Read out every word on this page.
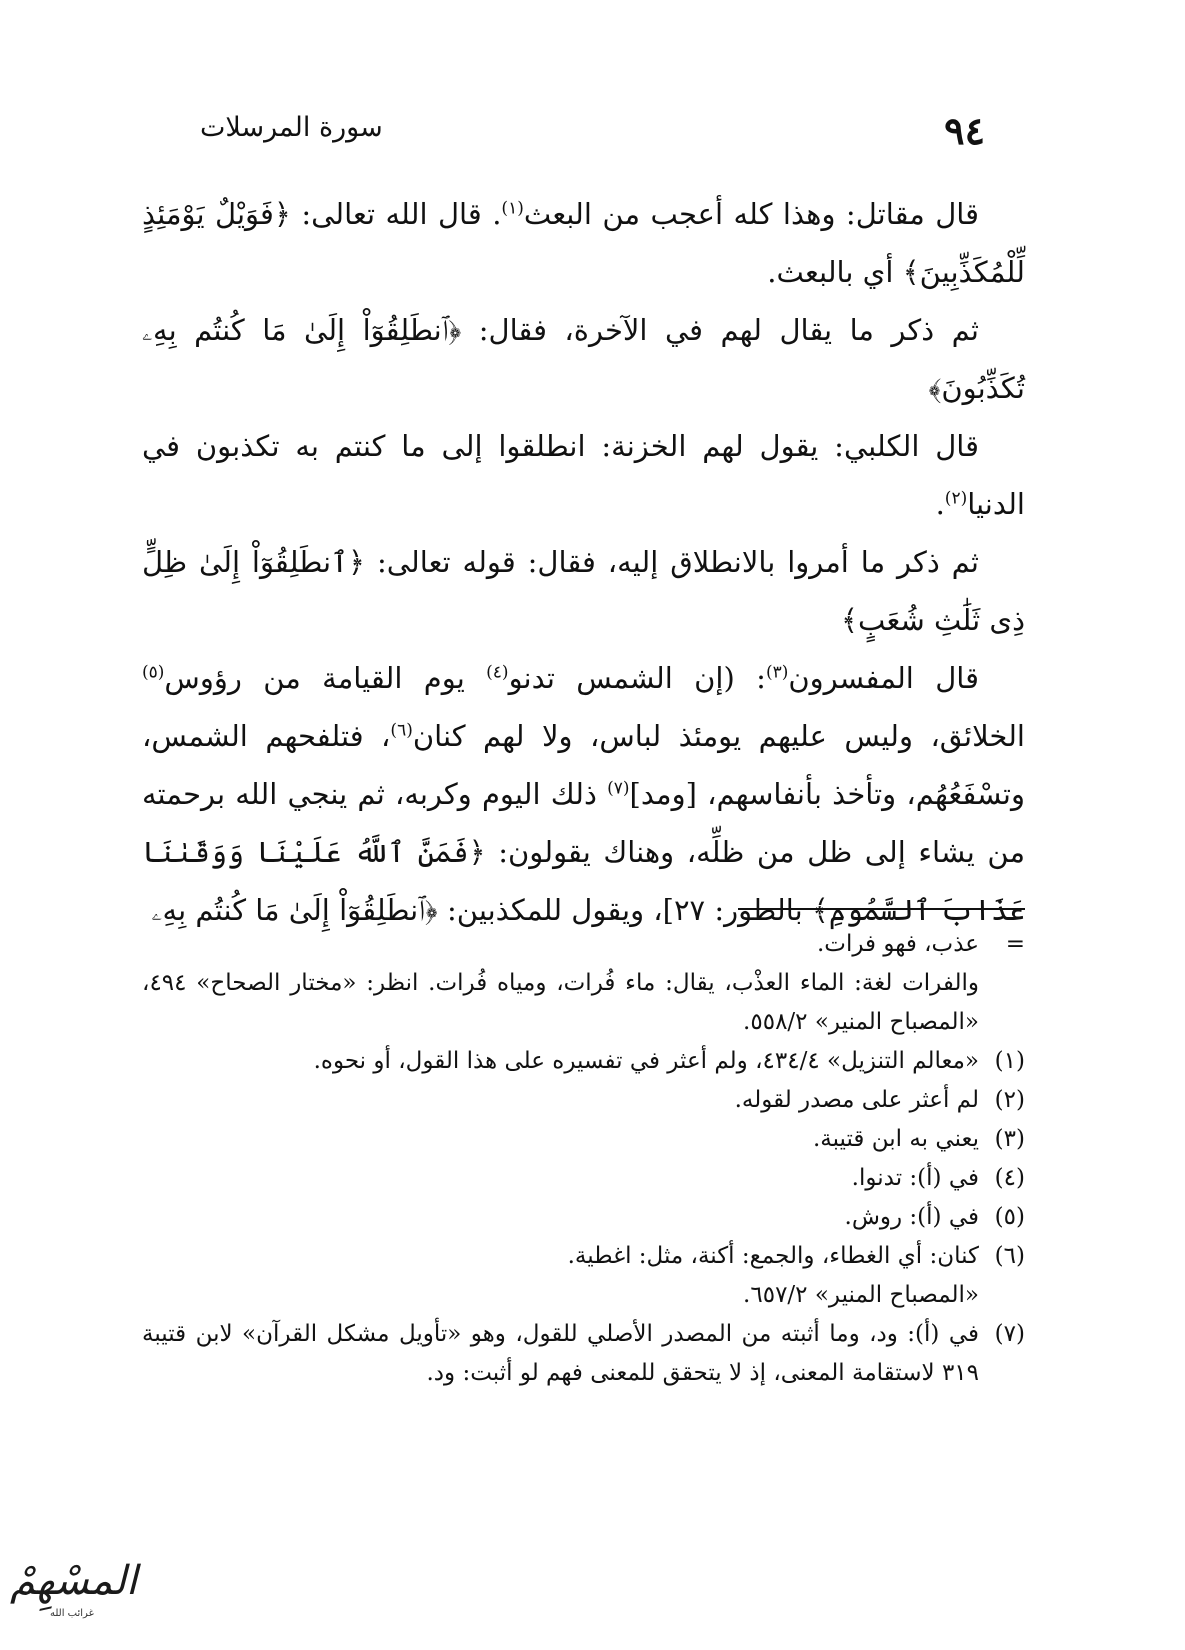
٩٤
سورة المرسلات

قال مقاتل: وهذا كله أعجب من البعث$^{(١)}$. قال الله تعالى: ﴿فَوَيْلٌ يَوْمَئِذٍ لِّلْمُكَذِّبِينَ﴾ أي بالبعث.

ثم ذكر ما يقال لهم في الآخرة، فقال: ﴿ٱنطَلِقُوٓاْ إِلَىٰ مَا كُنتُم بِهِۦ تُكَذِّبُونَ﴾

قال الكلبي: يقول لهم الخزنة: انطلقوا إلى ما كنتم به تكذبون في الدنيا$^{(٢)}$.

ثم ذكر ما أمروا بالانطلاق إليه، فقال: قوله تعالى: ﴿ٱنطَلِقُوٓاْ إِلَىٰ ظِلٍّ ذِى ثَلَٰثِ شُعَبٍ﴾

قال المفسرون$^{(٣)}$: (إن الشمس تدنو$^{(٤)}$ يوم القيامة من رؤوس$^{(٥)}$ الخلائق، وليس عليهم يومئذ لباس، ولا لهم كنان$^{(٦)}$، فتلفحهم الشمس، وتسْفَعُهُم، وتأخذ بأنفاسهم، [ومد]$^{(٧)}$ ذلك اليوم وكربه، ثم ينجي الله برحمته من يشاء إلى ظل من ظلِّه، وهناك يقولون: ﴿فَمَنَّ ٱللَّهُ عَلَيْنَا وَوَقَىٰنَا عَذَابَ ٱلسَّمُومِ﴾ بالطور: ٢٧]، ويقول للمكذبين: ﴿ٱنطَلِقُوٓاْ إِلَىٰ مَا كُنتُم بِهِۦ

=
عذب، فهو فرات.
والفرات لغة: الماء العذْب، يقال: ماء فُرات، ومياه فُرات. انظر: «مختار الصحاح» ٤٩٤، «المصباح المنير» ٥٥٨/٢.
(١)
«معالم التنزيل» ٤٣٤/٤، ولم أعثر في تفسيره على هذا القول، أو نحوه.
(٢)
لم أعثر على مصدر لقوله.
(٣)
يعني به ابن قتيبة.
(٤)
في (أ): تدنوا.
(٥)
في (أ): روش.
(٦)
كنان: أي الغطاء، والجمع: أكنة، مثل: اغطية.
«المصباح المنير» ٦٥٧/٢.
(٧)
في (أ): ود، وما أثبته من المصدر الأصلي للقول، وهو «تأويل مشكل القرآن» لابن قتيبة ٣١٩ لاستقامة المعنى، إذ لا يتحقق للمعنى فهم لو أثبت: ود.
المسْهِمْ
غرائب الله
